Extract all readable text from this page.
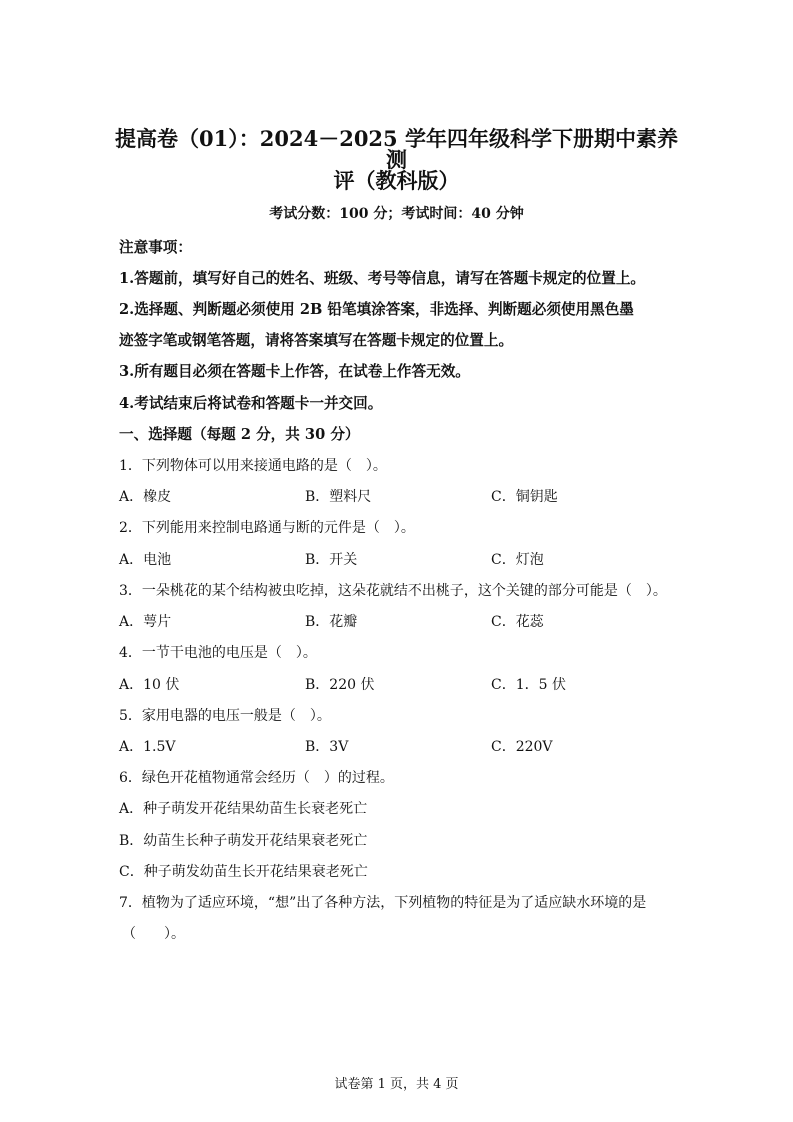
提高卷（01）：2024－2025 学年四年级科学下册期中素养测
评（教科版）
考试分数：100 分；考试时间：40 分钟
注意事项：
1.答题前，填写好自己的姓名、班级、考号等信息，请写在答题卡规定的位置上。
2.选择题、判断题必须使用 2B 铅笔填涂答案，非选择、判断题必须使用黑色墨
迹签字笔或钢笔答题，请将答案填写在答题卡规定的位置上。
3.所有题目必须在答题卡上作答，在试卷上作答无效。
4.考试结束后将试卷和答题卡一并交回。
一、选择题（每题 2 分，共 30 分）
1．下列物体可以用来接通电路的是（　）。
A．橡皮	B．塑料尺	C．铜钥匙
2．下列能用来控制电路通与断的元件是（　）。
A．电池	B．开关	C．灯泡
3．一朵桃花的某个结构被虫吃掉，这朵花就结不出桃子，这个关键的部分可能是（　）。
A．萼片	B．花瓣	C．花蕊
4．一节干电池的电压是（　）。
A．10 伏	B．220 伏	C．1．5 伏
5．家用电器的电压一般是（　）。
A．1.5V	B．3V	C．220V
6．绿色开花植物通常会经历（　）的过程。
A．种子萌发开花结果幼苗生长衰老死亡
B．幼苗生长种子萌发开花结果衰老死亡
C．种子萌发幼苗生长开花结果衰老死亡
7．植物为了适应环境，“想”出了各种方法，下列植物的特征是为了适应缺水环境的是
（　　）。
试卷第 1 页，共 4 页
